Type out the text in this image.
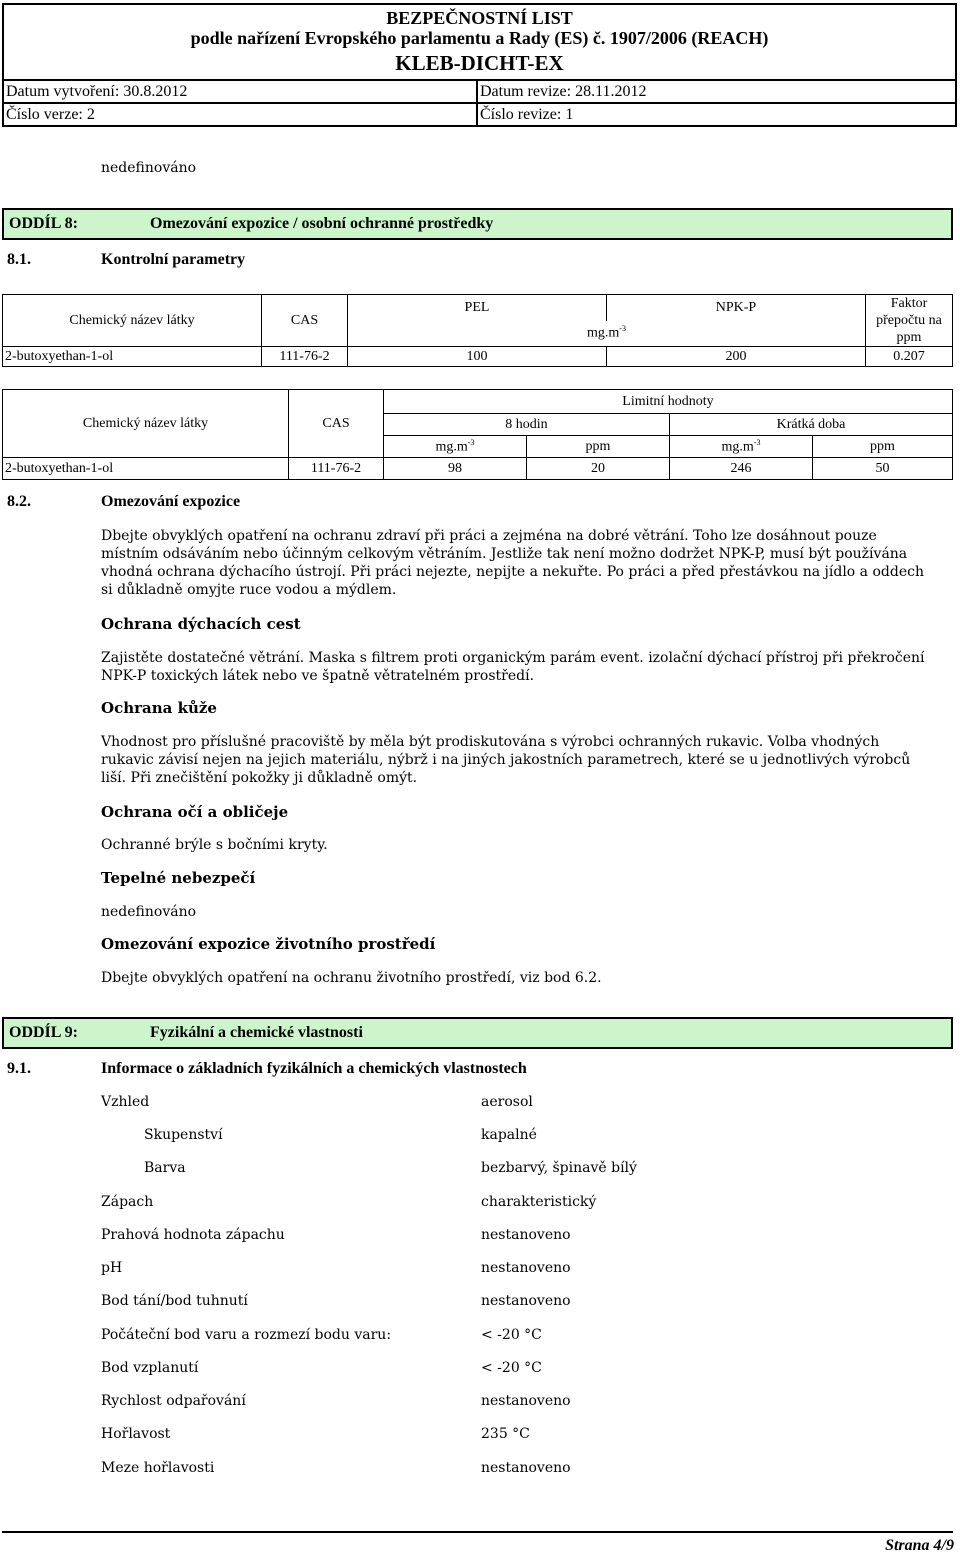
BEZPEČNOSTNÍ LIST
podle nařízení Evropského parlamentu a Rady (ES) č. 1907/2006 (REACH)
KLEB-DICHT-EX
Datum vytvoření: 30.8.2012	Datum revize: 28.11.2012
Číslo verze: 2	Číslo revize: 1
nedefinováno
ODDÍL 8:	Omezování expozice / osobní ochranné prostředky
8.1.	Kontrolní parametry
Chemický název látky	CAS	PEL	NPK-P	Faktor přepočtu na ppm
		$mg.m^{-3}$
2-butoxyethan-1-ol	111-76-2	100	200	0.207
Chemický název látky	CAS	Limitní hodnoty			
		8 hodin		Krátká doba	
		$mg.m^{-3}$	ppm	$mg.m^{-3}$	ppm
2-butoxyethan-1-ol	111-76-2	98	20	246	50
8.2.	Omezování expozice
Dbejte obvyklých opatření na ochranu zdraví při práci a zejména na dobré větrání. Toho lze dosáhnout pouze místním odsáváním nebo účinným celkovým větráním. Jestliže tak není možno dodržet NPK-P, musí být používána vhodná ochrana dýchacího ústrojí. Při práci nejezte, nepijte a nekuřte. Po práci a před přestávkou na jídlo a oddech si důkladně omyjte ruce vodou a mýdlem.
Ochrana dýchacích cest
Zajistěte dostatečné větrání. Maska s filtrem proti organickým parám event. izolační dýchací přístroj při překročení NPK-P toxických látek nebo ve špatně větratelném prostředí.
Ochrana kůže
Vhodnost pro příslušné pracoviště by měla být prodiskutována s výrobci ochranných rukavic. Volba vhodných rukavic závisí nejen na jejich materiálu, nýbrž i na jiných jakostních parametrech, které se u jednotlivých výrobců liší. Při znečištění pokožky ji důkladně omýt.
Ochrana očí a obličeje
Ochranné brýle s bočními kryty.
Tepelné nebezpečí
nedefinováno
Omezování expozice životního prostředí
Dbejte obvyklých opatření na ochranu životního prostředí, viz bod 6.2.
ODDÍL 9:	Fyzikální a chemické vlastnosti
9.1.	Informace o základních fyzikálních a chemických vlastnostech
Vzhled	aerosol
Skupenství	kapalné
Barva	bezbarvý, špinavě bílý
Zápach	charakteristický
Prahová hodnota zápachu	nestanoveno
pH	nestanoveno
Bod tání/bod tuhnutí	nestanoveno
Počáteční bod varu a rozmezí bodu varu:	< -20 °C
Bod vzplanutí	< -20 °C
Rychlost odpařování	nestanoveno
Hořlavost	235 °C
Meze hořlavosti	nestanoveno
Strana 4/9
